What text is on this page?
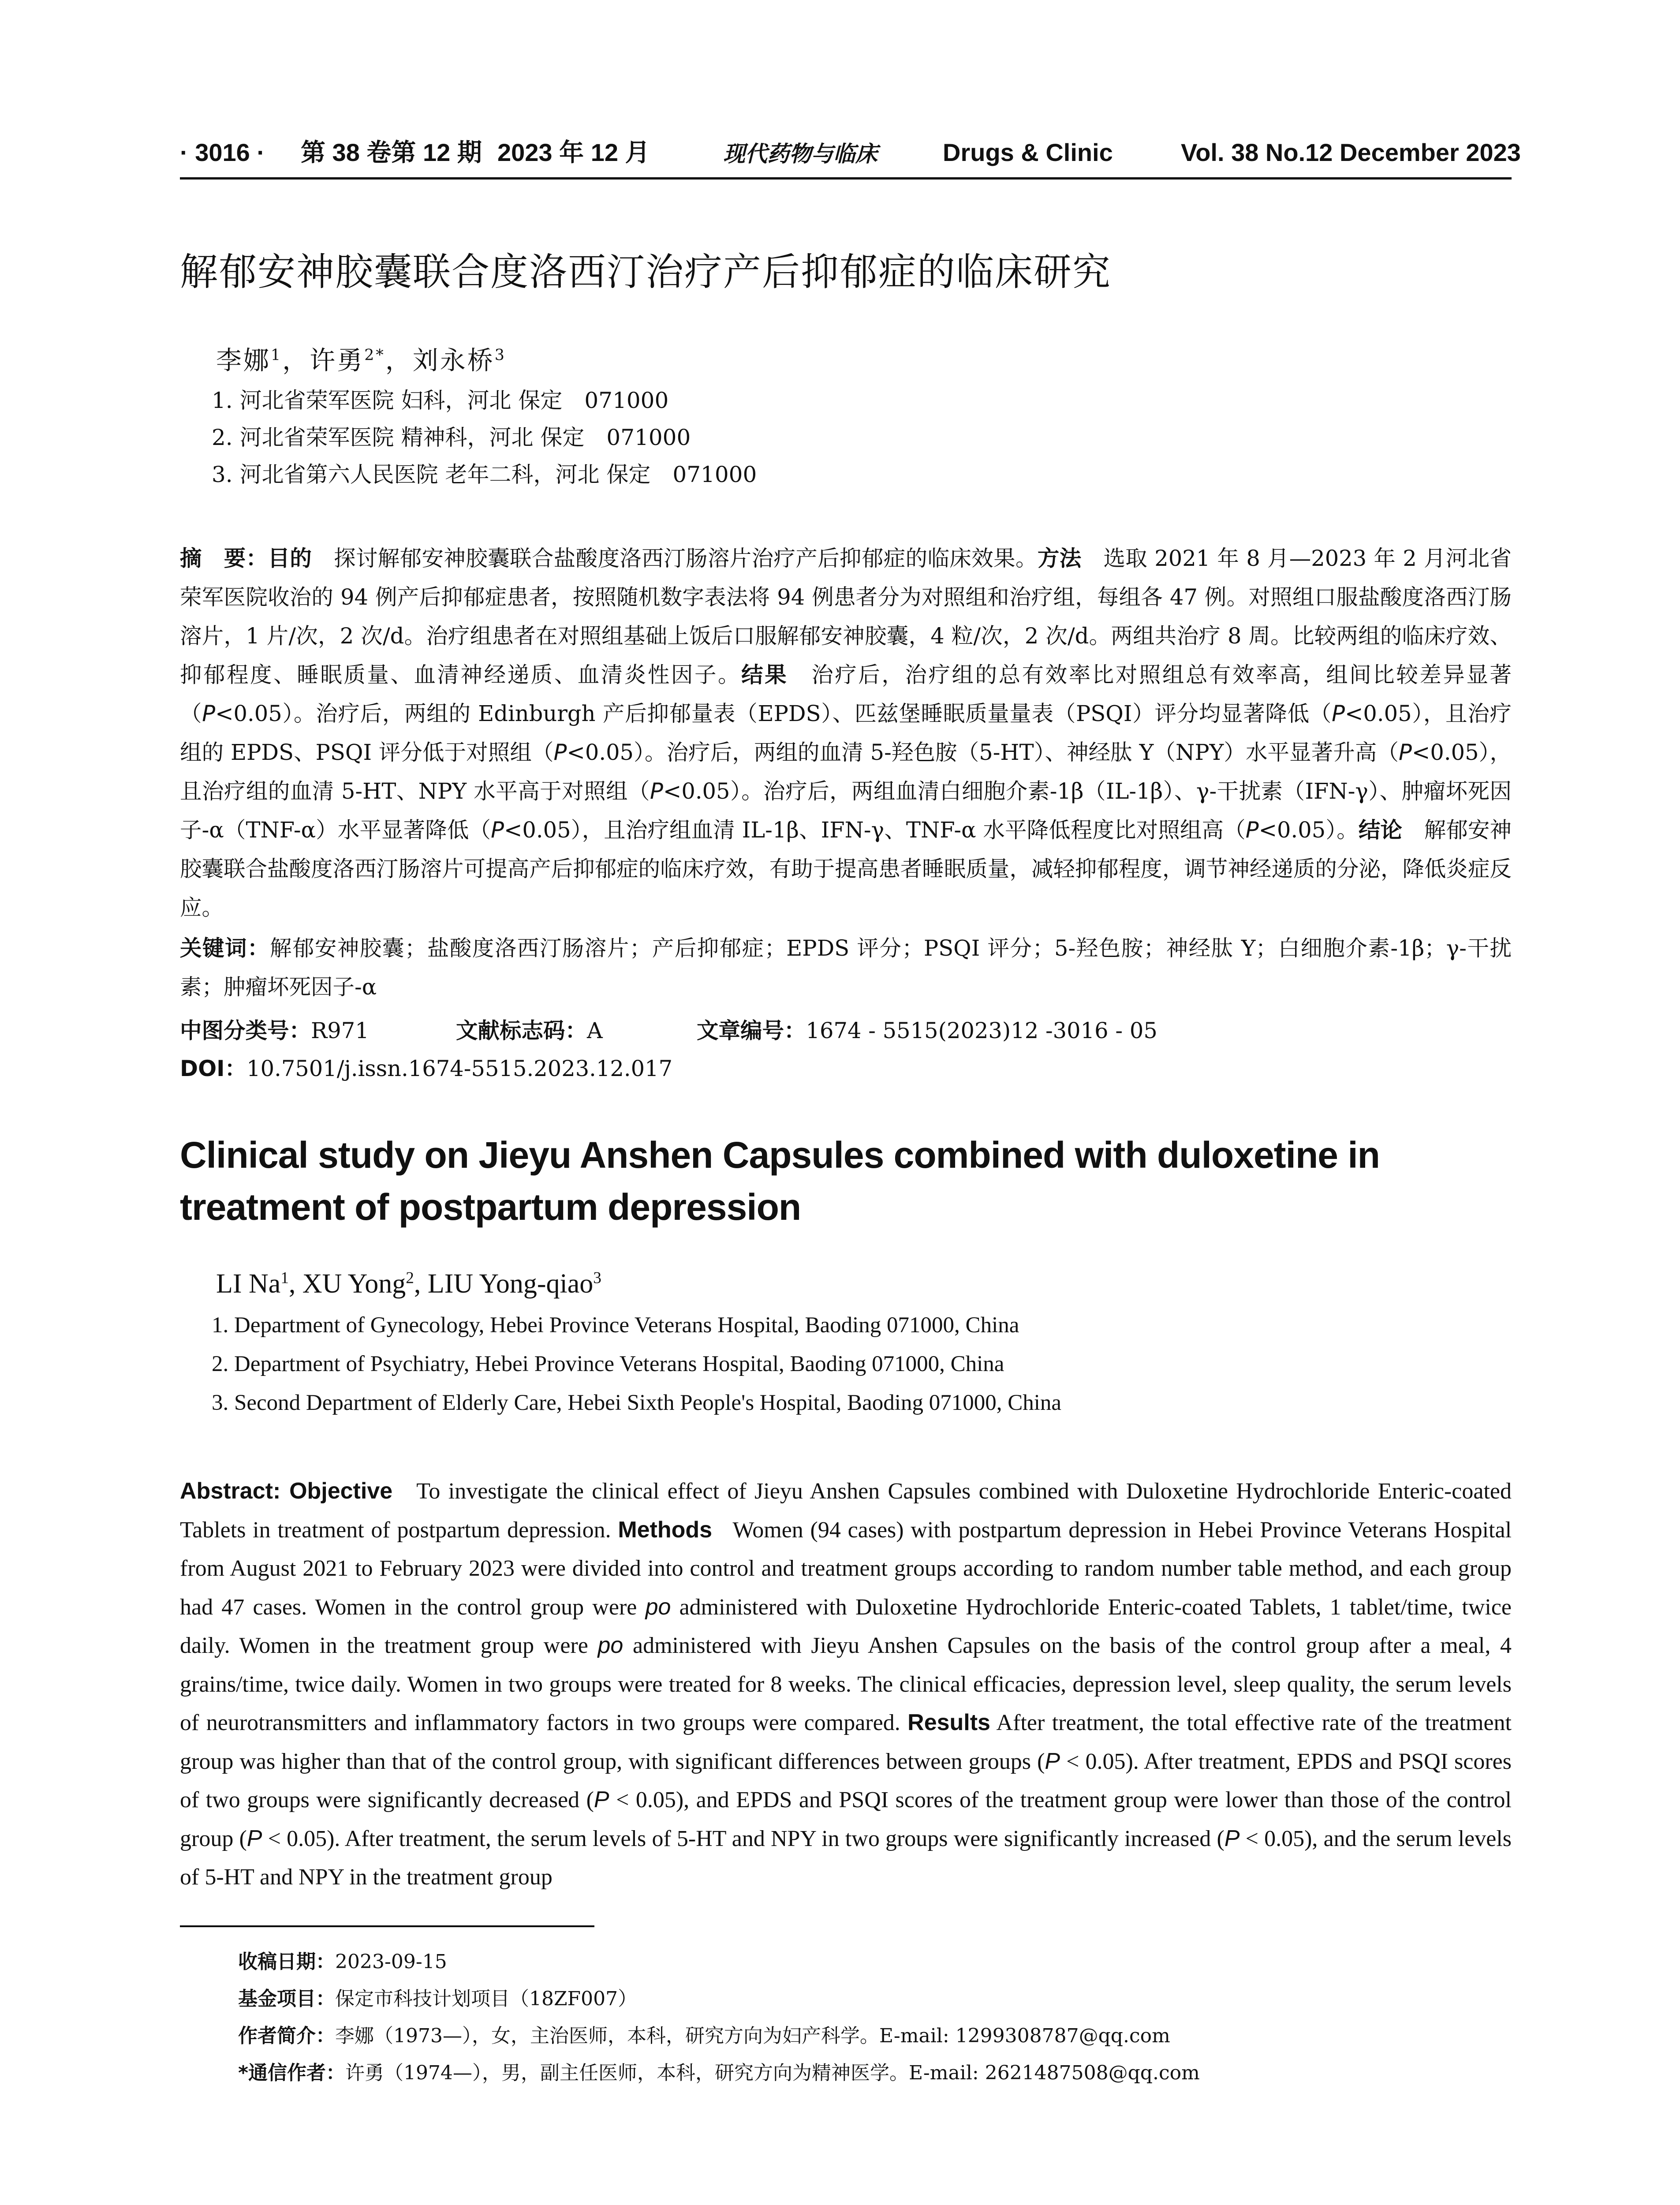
· 3016 · 第 38 卷第 12 期 2023 年 12 月	现代药物与临床	Drugs & Clinic	Vol. 38 No.12 December 2023
解郁安神胶囊联合度洛西汀治疗产后抑郁症的临床研究
李娜$^1$，许勇$^{2*}$，刘永桥$^3$
1. 河北省荣军医院 妇科，河北 保定　071000
2. 河北省荣军医院 精神科，河北 保定　071000
3. 河北省第六人民医院 老年二科，河北 保定　071000

摘　要：目的　 探讨解郁安神胶囊联合盐酸度洛西汀肠溶片治疗产后抑郁症的临床效果。方法　 选取 2021 年 8 月—2023 年 2 月河北省荣军医院收治的 94 例产后抑郁症患者，按照随机数字表法将 94 例患者分为对照组和治疗组，每组各 47 例。对照组口服盐酸度洛西汀肠溶片，1 片/次，2 次/d。治疗组患者在对照组基础上饭后口服解郁安神胶囊，4 粒/次，2 次/d。两组共治疗 8 周。比较两组的临床疗效、抑郁程度、睡眠质量、血清神经递质、血清炎性因子。结果　 治疗后，治疗组的总有效率比对照组总有效率高，组间比较差异显著（P<0.05）。治疗后，两组的 Edinburgh 产后抑郁量表（EPDS）、匹兹堡睡眠质量量表（PSQI）评分均显著降低（P<0.05），且治疗组的 EPDS、PSQI 评分低于对照组（P<0.05）。治疗后，两组的血清 5-羟色胺（5-HT）、神经肽 Y（NPY）水平显著升高（P<0.05），且治疗组的血清 5-HT、NPY 水平高于对照组（P<0.05）。治疗后，两组血清白细胞介素-1β（IL-1β）、γ-干扰素（IFN-γ）、肿瘤坏死因子-α（TNF-α）水平显著降低（P<0.05），且治疗组血清 IL-1β、IFN-γ、TNF-α 水平降低程度比对照组高（P<0.05）。结论　 解郁安神胶囊联合盐酸度洛西汀肠溶片可提高产后抑郁症的临床疗效，有助于提高患者睡眠质量，减轻抑郁程度，调节神经递质的分泌，降低炎症反应。

关键词：解郁安神胶囊；盐酸度洛西汀肠溶片；产后抑郁症；EPDS 评分；PSQI 评分；5-羟色胺；神经肽 Y；白细胞介素-1β；γ-干扰素；肿瘤坏死因子-α

中图分类号：R971	文献标志码：A	文章编号：1674 - 5515(2023)12 -3016 - 05
DOI：10.7501/j.issn.1674-5515.2023.12.017

Clinical study on Jieyu Anshen Capsules combined with duloxetine in treatment of postpartum depression

LI Na$^1$, XU Yong$^2$, LIU Yong-qiao$^3$
1. Department of Gynecology, Hebei Province Veterans Hospital, Baoding 071000, China
2. Department of Psychiatry, Hebei Province Veterans Hospital, Baoding 071000, China
3. Second Department of Elderly Care, Hebei Sixth People's Hospital, Baoding 071000, China

Abstract: Objective To investigate the clinical effect of Jieyu Anshen Capsules combined with Duloxetine Hydrochloride Enteric-coated Tablets in treatment of postpartum depression. Methods Women (94 cases) with postpartum depression in Hebei Province Veterans Hospital from August 2021 to February 2023 were divided into control and treatment groups according to random number table method, and each group had 47 cases. Women in the control group were po administered with Duloxetine Hydrochloride Enteric-coated Tablets, 1 tablet/time, twice daily. Women in the treatment group were po administered with Jieyu Anshen Capsules on the basis of the control group after a meal, 4 grains/time, twice daily. Women in two groups were treated for 8 weeks. The clinical efficacies, depression level, sleep quality, the serum levels of neurotransmitters and inflammatory factors in two groups were compared. Results After treatment, the total effective rate of the treatment group was higher than that of the control group, with significant differences between groups (P < 0.05). After treatment, EPDS and PSQI scores of two groups were significantly decreased (P < 0.05), and EPDS and PSQI scores of the treatment group were lower than those of the control group (P < 0.05). After treatment, the serum levels of 5-HT and NPY in two groups were significantly increased (P < 0.05), and the serum levels of 5-HT and NPY in the treatment group

收稿日期：2023-09-15
基金项目：保定市科技计划项目（18ZF007）
作者简介：李娜（1973—），女，主治医师，本科，研究方向为妇产科学。E-mail: 1299308787@qq.com
*通信作者：许勇（1974—），男，副主任医师，本科，研究方向为精神医学。E-mail: 2621487508@qq.com
